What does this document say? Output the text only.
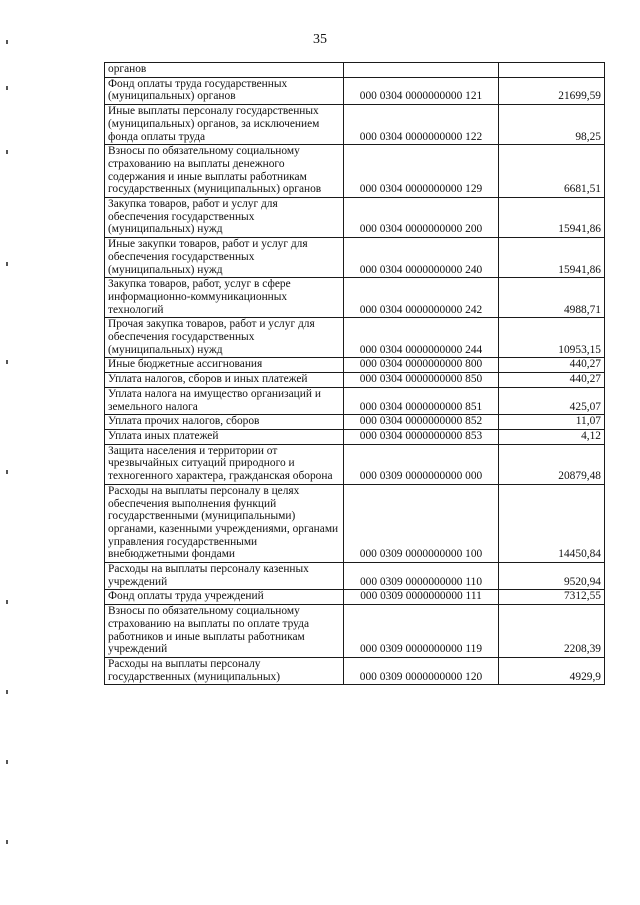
35
органов		

Фонд оплаты труда государственных (муниципальных) органов	000 0304 0000000000 121	21699,59

Иные выплаты персоналу государственных (муниципальных) органов, за исключением фонда оплаты труда	000 0304 0000000000 122	98,25

Взносы по обязательному социальному страхованию на выплаты денежного содержания и иные выплаты работникам государственных (муниципальных) органов	000 0304 0000000000 129	6681,51

Закупка товаров, работ и услуг для обеспечения государственных (муниципальных) нужд	000 0304 0000000000 200	15941,86

Иные закупки товаров, работ и услуг для обеспечения государственных (муниципальных) нужд	000 0304 0000000000 240	15941,86

Закупка товаров, работ, услуг в сфере информационно-коммуникационных технологий	000 0304 0000000000 242	4988,71

Прочая закупка товаров, работ и услуг для обеспечения государственных (муниципальных) нужд	000 0304 0000000000 244	10953,15

Иные бюджетные ассигнования	000 0304 0000000000 800	440,27

Уплата налогов, сборов и иных платежей	000 0304 0000000000 850	440,27

Уплата налога на имущество организаций и земельного налога	000 0304 0000000000 851	425,07

Уплата прочих налогов, сборов	000 0304 0000000000 852	11,07

Уплата иных платежей	000 0304 0000000000 853	4,12

Защита населения и территории от чрезвычайных ситуаций природного и техногенного характера, гражданская оборона	000 0309 0000000000 000	20879,48

Расходы на выплаты персоналу в целях обеспечения выполнения функций государственными (муниципальными) органами, казенными учреждениями, органами управления государственными внебюджетными фондами	000 0309 0000000000 100	14450,84

Расходы на выплаты персоналу казенных учреждений	000 0309 0000000000 110	9520,94

Фонд оплаты труда учреждений	000 0309 0000000000 111	7312,55

Взносы по обязательному социальному страхованию на выплаты по оплате труда работников и иные выплаты работникам учреждений	000 0309 0000000000 119	2208,39

Расходы на выплаты персоналу государственных (муниципальных)	000 0309 0000000000 120	4929,9
